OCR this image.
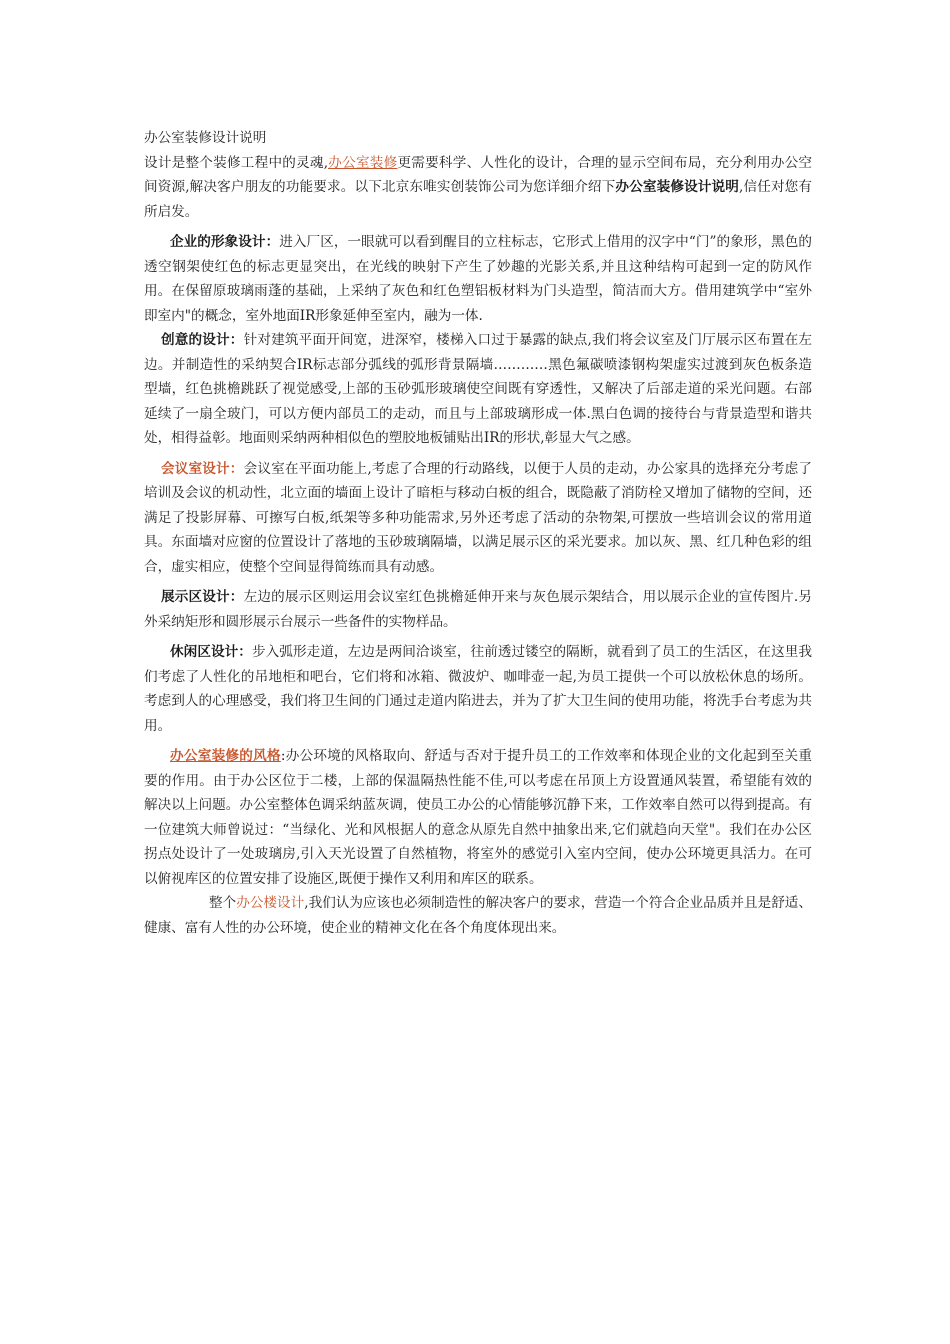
办公室装修设计说明

设计是整个装修工程中的灵魂,办公室装修更需要科学、人性化的设计，合理的显示空间布局，充分利用办公空间资源,解决客户朋友的功能要求。以下北京东唯实创装饰公司为您详细介绍下办公室装修设计说明,信任对您有所启发。

企业的形象设计：进入厂区，一眼就可以看到醒目的立柱标志，它形式上借用的汉字中“门”的象形，黑色的透空钢架使红色的标志更显突出，在光线的映射下产生了妙趣的光影关系,并且这种结构可起到一定的防风作用。在保留原玻璃雨蓬的基础，上采纳了灰色和红色塑铝板材料为门头造型，简洁而大方。借用建筑学中“室外即室内"的概念，室外地面IR形象延伸至室内，融为一体.

创意的设计：针对建筑平面开间宽，进深窄，楼梯入口过于暴露的缺点,我们将会议室及门厅展示区布置在左边。并制造性的采纳契合IR标志部分弧线的弧形背景隔墙…………黑色氟碳喷漆钢构架虚实过渡到灰色板条造型墙，红色挑檐跳跃了视觉感受,上部的玉砂弧形玻璃使空间既有穿透性，又解决了后部走道的采光问题。右部延续了一扇全玻门，可以方便内部员工的走动，而且与上部玻璃形成一体.黑白色调的接待台与背景造型和谐共处，相得益彰。地面则采纳两种相似色的塑胶地板铺贴出IR的形状,彰显大气之感。

会议室设计：会议室在平面功能上,考虑了合理的行动路线，以便于人员的走动，办公家具的选择充分考虑了培训及会议的机动性，北立面的墙面上设计了暗柜与移动白板的组合，既隐蔽了消防栓又增加了储物的空间，还满足了投影屏幕、可擦写白板,纸架等多种功能需求,另外还考虑了活动的杂物架,可摆放一些培训会议的常用道具。东面墙对应窗的位置设计了落地的玉砂玻璃隔墙，以满足展示区的采光要求。加以灰、黑、红几种色彩的组合，虚实相应，使整个空间显得简练而具有动感。

展示区设计：左边的展示区则运用会议室红色挑檐延伸开来与灰色展示架结合，用以展示企业的宣传图片.另外采纳矩形和圆形展示台展示一些备件的实物样品。

休闲区设计：步入弧形走道，左边是两间洽谈室，往前透过镂空的隔断，就看到了员工的生活区，在这里我们考虑了人性化的吊地柜和吧台，它们将和冰箱、微波炉、咖啡壶一起,为员工提供一个可以放松休息的场所。考虑到人的心理感受，我们将卫生间的门通过走道内陷进去，并为了扩大卫生间的使用功能，将洗手台考虑为共用。

办公室装修的风格:办公环境的风格取向、舒适与否对于提升员工的工作效率和体现企业的文化起到至关重要的作用。由于办公区位于二楼，上部的保温隔热性能不佳,可以考虑在吊顶上方设置通风装置，希望能有效的解决以上问题。办公室整体色调采纳蓝灰调，使员工办公的心情能够沉静下来，工作效率自然可以得到提高。有一位建筑大师曾说过：“当绿化、光和风根据人的意念从原先自然中抽象出来,它们就趋向天堂"。我们在办公区拐点处设计了一处玻璃房,引入天光设置了自然植物，将室外的感觉引入室内空间，使办公环境更具活力。在可以俯视库区的位置安排了设施区,既便于操作又利用和库区的联系。

整个办公楼设计,我们认为应该也必须制造性的解决客户的要求，营造一个符合企业品质并且是舒适、健康、富有人性的办公环境，使企业的精神文化在各个角度体现出来。
